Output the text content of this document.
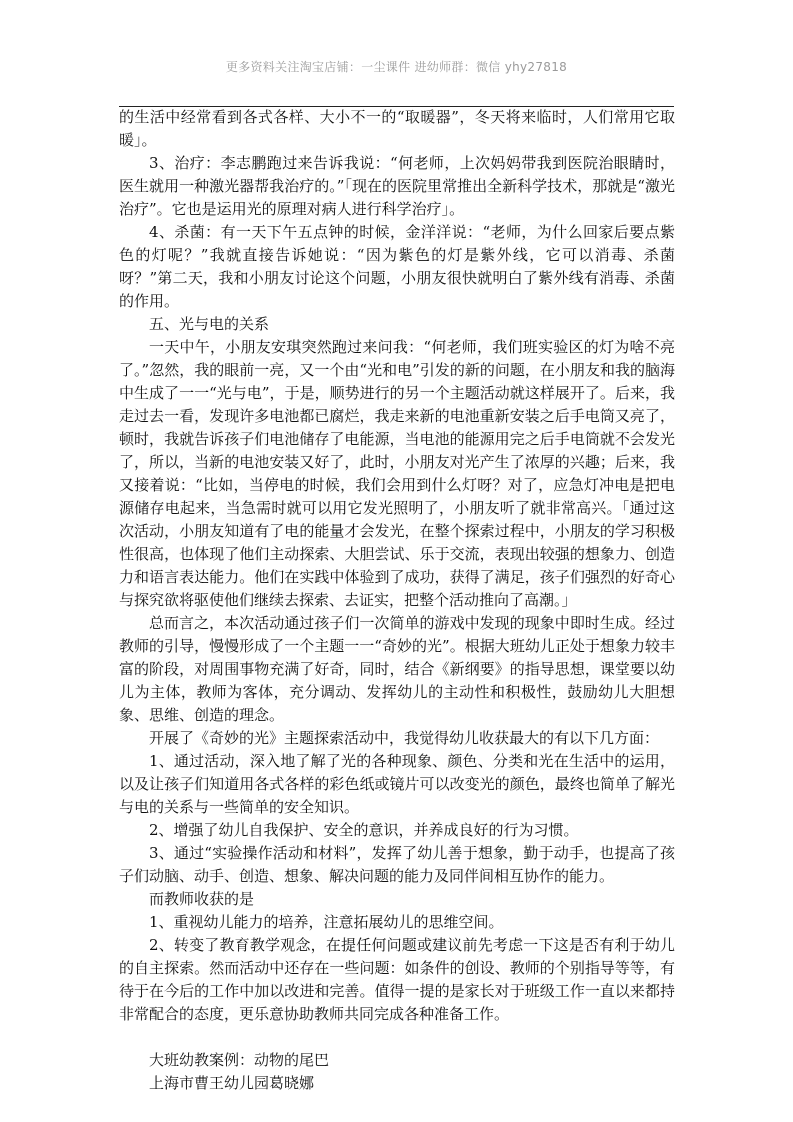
更多资料关注淘宝店铺：一尘课件 进幼师群：微信 yhy27818

的生活中经常看到各式各样、大小不一的“取暖器”，冬天将来临时，人们常用它取暖」。

3、治疗：李志鹏跑过来告诉我说：“何老师，上次妈妈带我到医院治眼睛时，医生就用一种激光器帮我治疗的。”「现在的医院里常推出全新科学技术，那就是“激光治疗”。它也是运用光的原理对病人进行科学治疗」。

4、杀菌：有一天下午五点钟的时候，金洋洋说：“老师，为什么回家后要点紫色的灯呢？”我就直接告诉她说：“因为紫色的灯是紫外线，它可以消毒、杀菌呀？”第二天，我和小朋友讨论这个问题，小朋友很快就明白了紫外线有消毒、杀菌的作用。

五、光与电的关系

一天中午，小朋友安琪突然跑过来问我：“何老师，我们班实验区的灯为啥不亮了。”忽然，我的眼前一亮，又一个由“光和电”引发的新的问题，在小朋友和我的脑海中生成了一一“光与电”，于是，顺势进行的另一个主题活动就这样展开了。后来，我走过去一看，发现许多电池都已腐烂，我走来新的电池重新安装之后手电筒又亮了，顿时，我就告诉孩子们电池储存了电能源，当电池的能源用完之后手电筒就不会发光了，所以，当新的电池安装又好了，此时，小朋友对光产生了浓厚的兴趣；后来，我又接着说：“比如，当停电的时候，我们会用到什么灯呀？对了，应急灯冲电是把电源储存电起来，当急需时就可以用它发光照明了，小朋友听了就非常高兴。「通过这次活动，小朋友知道有了电的能量才会发光，在整个探索过程中，小朋友的学习积极性很高，也体现了他们主动探索、大胆尝试、乐于交流，表现出较强的想象力、创造力和语言表达能力。他们在实践中体验到了成功，获得了满足，孩子们强烈的好奇心与探究欲将驱使他们继续去探索、去证实，把整个活动推向了高潮。」

总而言之，本次活动通过孩子们一次简单的游戏中发现的现象中即时生成。经过教师的引导，慢慢形成了一个主题一一“奇妙的光”。根据大班幼儿正处于想象力较丰富的阶段，对周围事物充满了好奇，同时，结合《新纲要》的指导思想，课堂要以幼儿为主体，教师为客体，充分调动、发挥幼儿的主动性和积极性，鼓励幼儿大胆想象、思维、创造的理念。

开展了《奇妙的光》主题探索活动中，我觉得幼儿收获最大的有以下几方面：

1、通过活动，深入地了解了光的各种现象、颜色、分类和光在生活中的运用，以及让孩子们知道用各式各样的彩色纸或镜片可以改变光的颜色，最终也简单了解光与电的关系与一些简单的安全知识。

2、增强了幼儿自我保护、安全的意识，并养成良好的行为习惯。

3、通过“实验操作活动和材料”，发挥了幼儿善于想象，勤于动手，也提高了孩子们动脑、动手、创造、想象、解决问题的能力及同伴间相互协作的能力。

而教师收获的是

1、重视幼儿能力的培养，注意拓展幼儿的思维空间。

2、转变了教育教学观念，在提任何问题或建议前先考虑一下这是否有利于幼儿的自主探索。然而活动中还存在一些问题：如条件的创设、教师的个别指导等等，有待于在今后的工作中加以改进和完善。值得一提的是家长对于班级工作一直以来都持非常配合的态度，更乐意协助教师共同完成各种准备工作。

大班幼教案例：动物的尾巴

上海市曹王幼儿园葛晓娜
